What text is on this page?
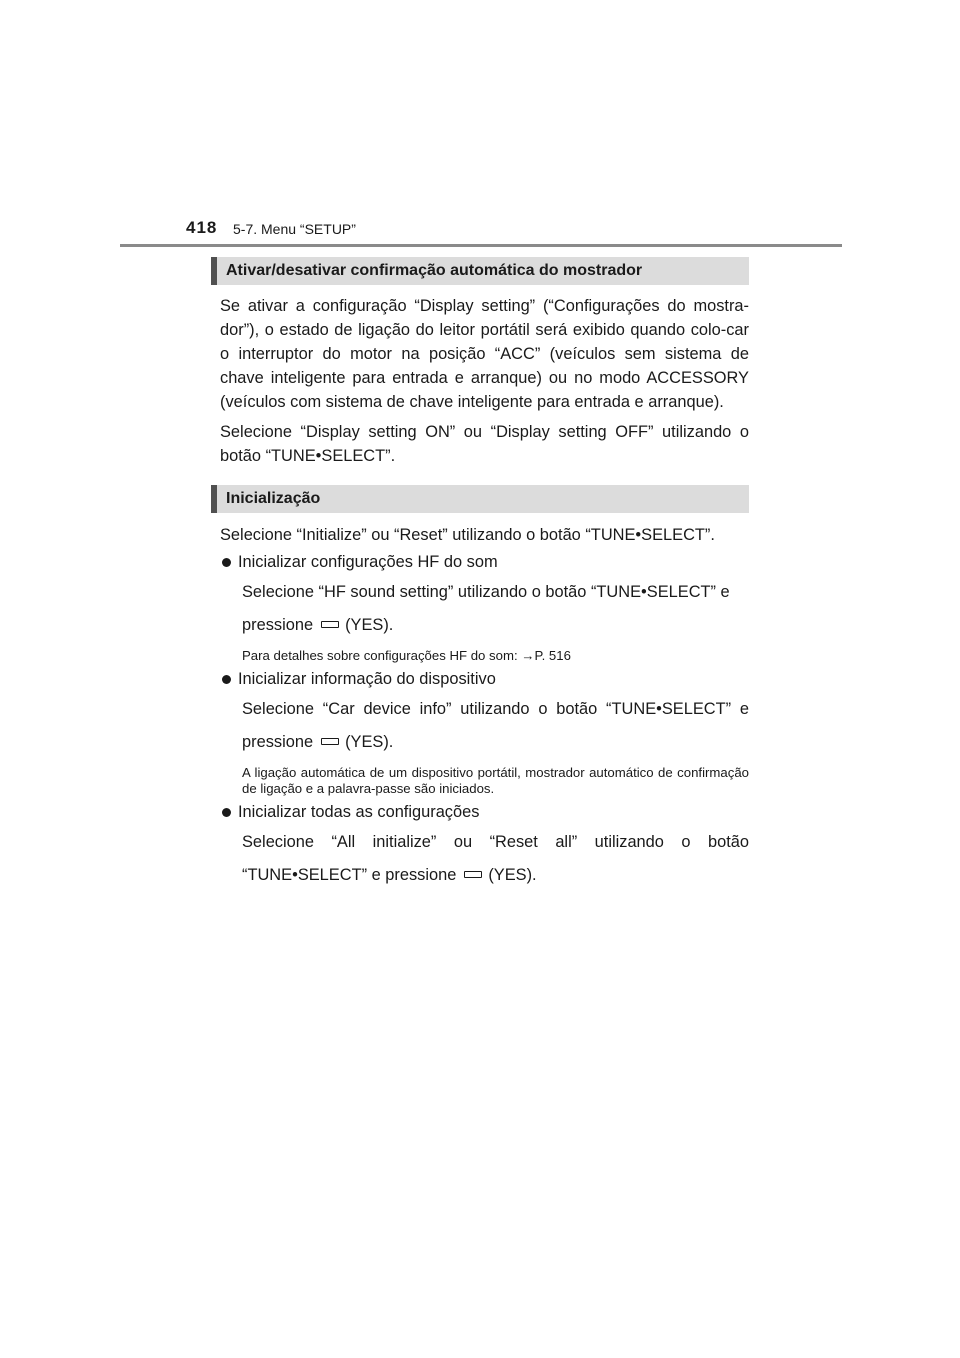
418 5-7. Menu “SETUP”
Ativar/desativar confirmação automática do mostrador
Se ativar a configuração “Display setting” (“Configurações do mostra-dor”), o estado de ligação do leitor portátil será exibido quando colo-car o interruptor do motor na posição “ACC” (veículos sem sistema de chave inteligente para entrada e arranque) ou no modo ACCESSORY (veículos com sistema de chave inteligente para entrada e arranque).
Selecione “Display setting ON” ou “Display setting OFF” utilizando o botão “TUNE•SELECT”.
Inicialização
Selecione “Initialize” ou “Reset” utilizando o botão “TUNE•SELECT”.
Inicializar configurações HF do som
Selecione “HF sound setting” utilizando o botão “TUNE•SELECT” e
pressione (YES).
Para detalhes sobre configurações HF do som: →P. 516
Inicializar informação do dispositivo
Selecione “Car device info” utilizando o botão “TUNE•SELECT” e
pressione (YES).
A ligação automática de um dispositivo portátil, mostrador automático de confirmação de ligação e a palavra-passe são iniciados.
Inicializar todas as configurações
Selecione “All initialize” ou “Reset all” utilizando o botão
“TUNE•SELECT” e pressione (YES).
